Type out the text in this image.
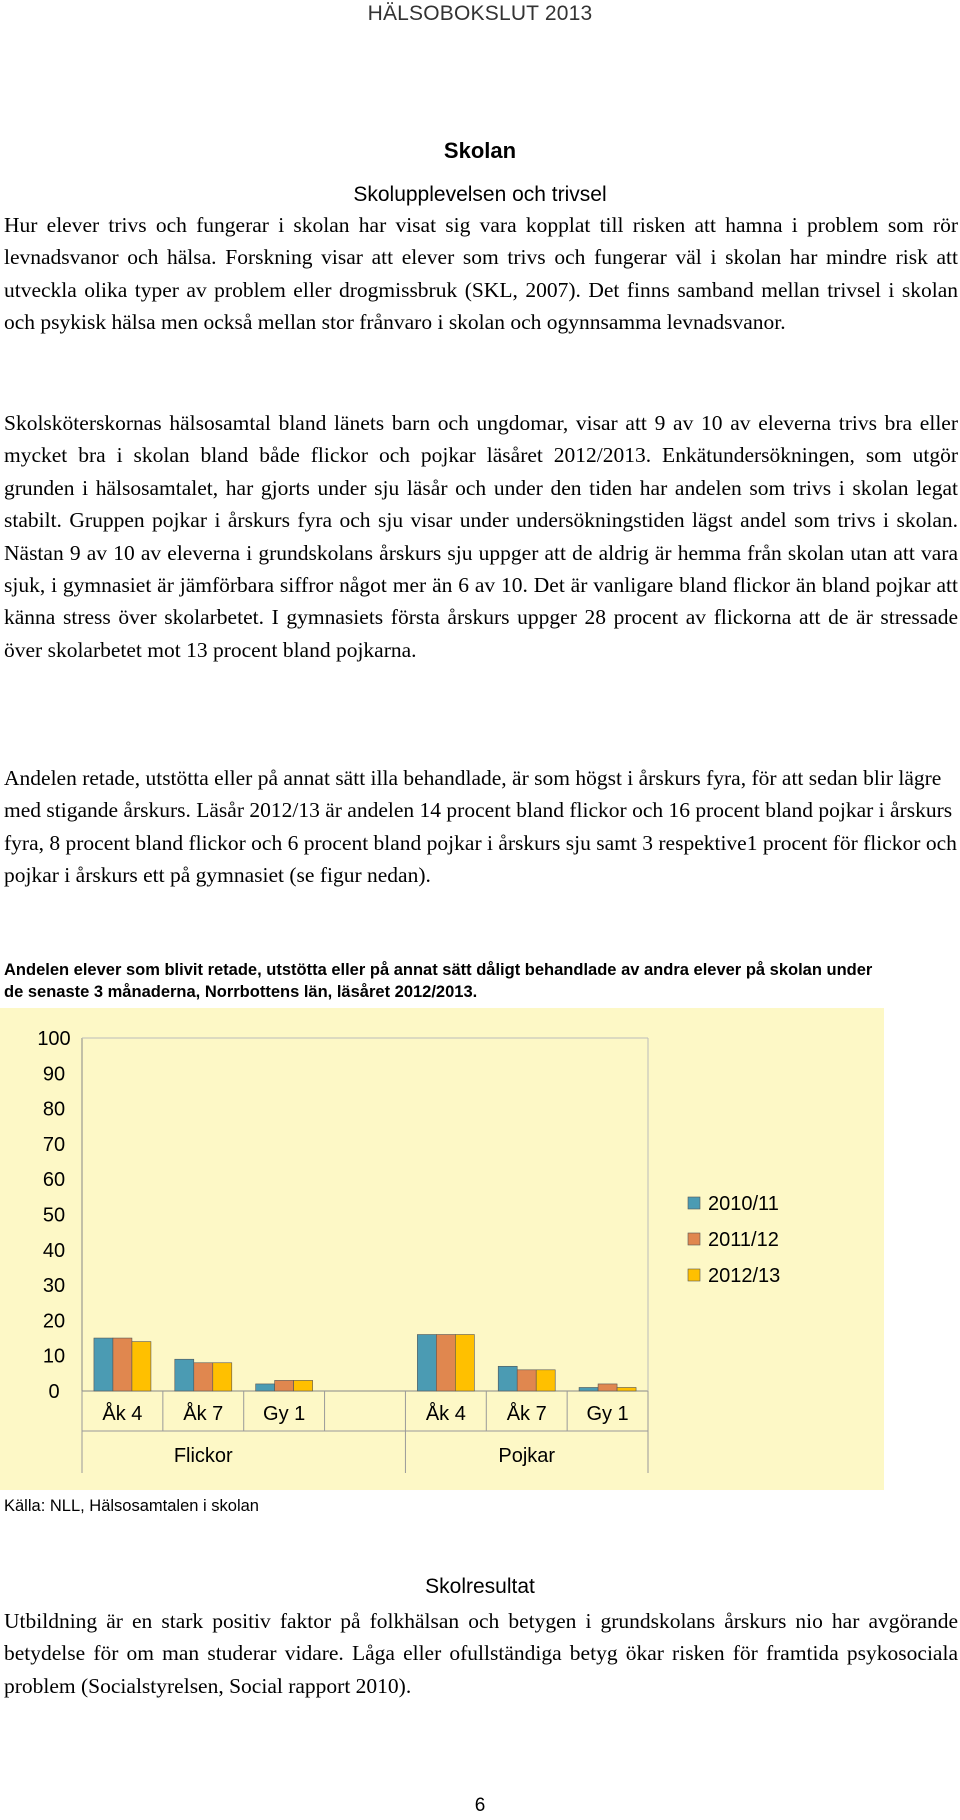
HÄLSOBOKSLUT 2013
Skolan
Skolupplevelsen och trivsel

Hur elever trivs och fungerar i skolan har visat sig vara kopplat till risken att hamna i problem som rör levnadsvanor och hälsa. Forskning visar att elever som trivs och fungerar väl i skolan har mindre risk att utveckla olika typer av problem eller drogmissbruk (SKL, 2007). Det finns samband mellan trivsel i skolan och psykisk hälsa men också mellan stor frånvaro i skolan och ogynnsamma levnadsvanor.

Skolsköterskornas hälsosamtal bland länets barn och ungdomar, visar att 9 av 10 av eleverna trivs bra eller mycket bra i skolan bland både flickor och pojkar läsåret 2012/2013. Enkätundersökningen, som utgör grunden i hälsosamtalet, har gjorts under sju läsår och under den tiden har andelen som trivs i skolan legat stabilt. Gruppen pojkar i årskurs fyra och sju visar under undersökningstiden lägst andel som trivs i skolan. Nästan 9 av 10 av eleverna i grundskolans årskurs sju uppger att de aldrig är hemma från skolan utan att vara sjuk, i gymnasiet är jämförbara siffror något mer än 6 av 10. Det är vanligare bland flickor än bland pojkar att känna stress över skolarbetet. I gymnasiets första årskurs uppger 28 procent av flickorna att de är stressade över skolarbetet mot 13 procent bland pojkarna.

Andelen retade, utstötta eller på annat sätt illa behandlade, är som högst i årskurs fyra, för att sedan blir lägre med stigande årskurs. Läsår 2012/13 är andelen 14 procent bland flickor och 16 procent bland pojkar i årskurs fyra, 8 procent bland flickor och 6 procent bland pojkar i årskurs sju samt 3 respektive1 procent för flickor och pojkar i årskurs ett på gymnasiet (se figur nedan).

Andelen elever som blivit retade, utstötta eller på annat sätt dåligt behandlade av andra elever på skolan under de senaste 3 månaderna, Norrbottens län, läsåret 2012/2013.
0
10
20
30
40
50
60
70
80
90
100
Åk 4 Åk 7 Gy 1	Åk 4 Åk 7 Gy 1
Flickor	Pojkar
2010/11
2011/12
2012/13
Källa: NLL, Hälsosamtalen i skolan
Skolresultat

Utbildning är en stark positiv faktor på folkhälsan och betygen i grundskolans årskurs nio har avgörande betydelse för om man studerar vidare. Låga eller ofullständiga betyg ökar risken för framtida psykosociala problem (Socialstyrelsen, Social rapport 2010).

6
